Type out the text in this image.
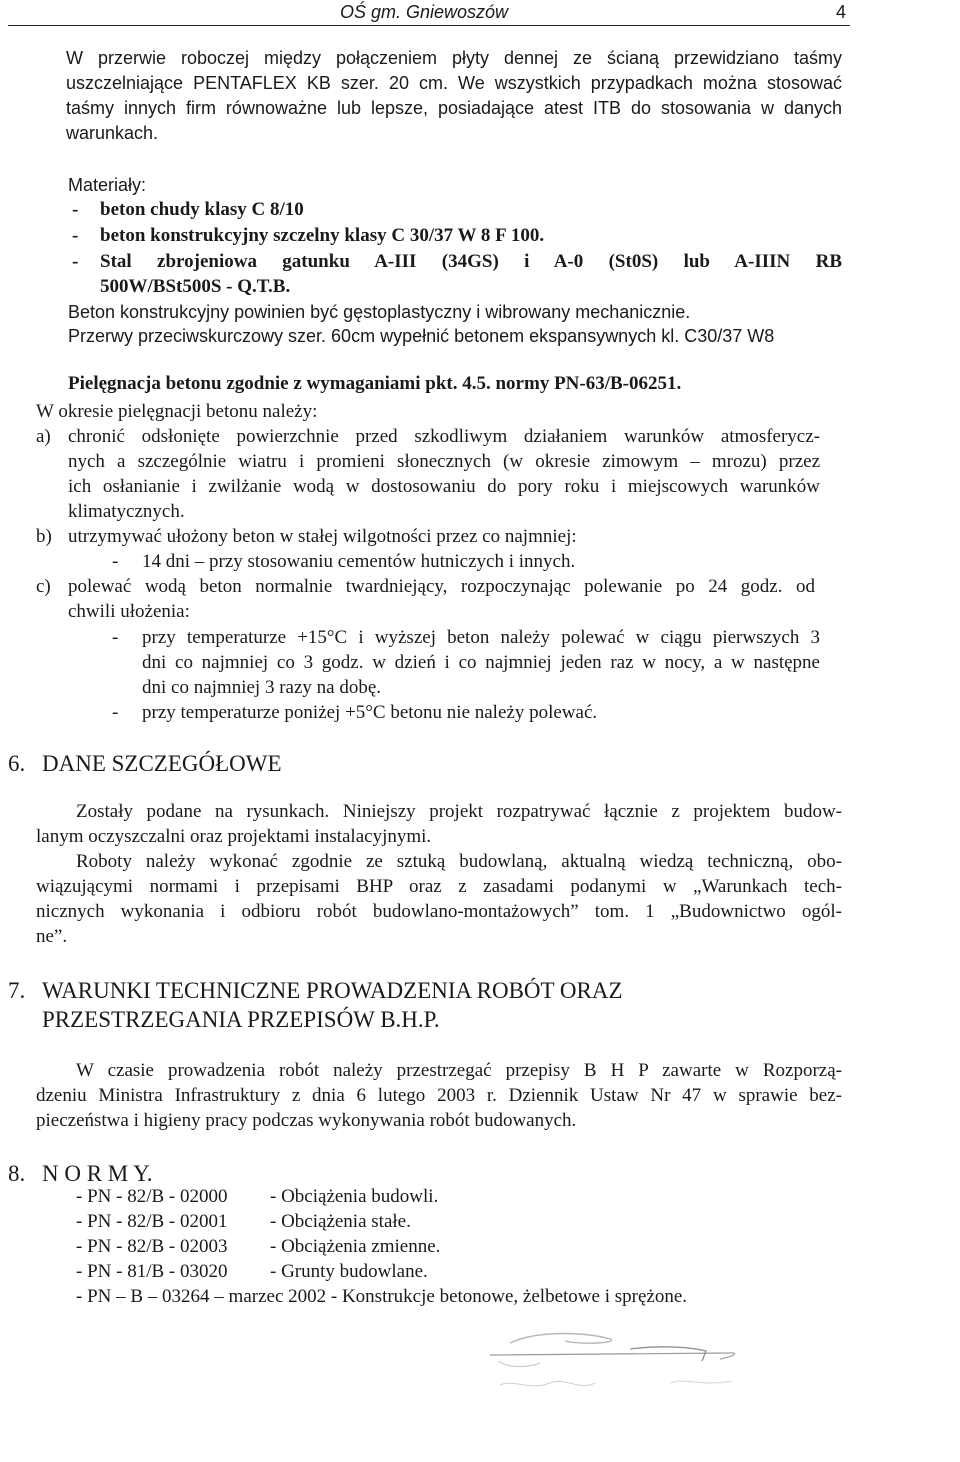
OŚ gm. Gniewoszów	4
W przerwie roboczej między połączeniem płyty dennej ze ścianą przewidziano taśmy
uszczelniające PENTAFLEX KB szer. 20 cm. We wszystkich przypadkach można stosować
taśmy innych firm równoważne lub lepsze, posiadające atest ITB do stosowania w danych
warunkach.
Materiały:
- beton chudy klasy C 8/10
- beton konstrukcyjny szczelny klasy C 30/37 W 8 F 100.
- Stal zbrojeniowa gatunku A-III (34GS) i A-0 (St0S) lub A-IIIN RB
500W/BSt500S - Q.T.B.
Beton konstrukcyjny powinien być gęstoplastyczny i wibrowany mechanicznie.
Przerwy przeciwskurczowy szer. 60cm wypełnić betonem ekspansywnych kl. C30/37 W8
Pielęgnacja betonu zgodnie z wymaganiami pkt. 4.5. normy PN-63/B-06251.
W okresie pielęgnacji betonu należy:
a) chronić odsłonięte powierzchnie przed szkodliwym działaniem warunków atmosferycz-
nych a szczególnie wiatru i promieni słonecznych (w okresie zimowym – mrozu) przez
ich osłanianie i zwilżanie wodą w dostosowaniu do pory roku i miejscowych warunków
klimatycznych.
b) utrzymywać ułożony beton w stałej wilgotności przez co najmniej:
- 14 dni – przy stosowaniu cementów hutniczych i innych.
c) polewać wodą beton normalnie twardniejący, rozpoczynając polewanie po 24 godz. od
chwili ułożenia:
- przy temperaturze +15°C i wyższej beton należy polewać w ciągu pierwszych 3
dni co najmniej co 3 godz. w dzień i co najmniej jeden raz w nocy, a w następne
dni co najmniej 3 razy na dobę.
- przy temperaturze poniżej +5°C betonu nie należy polewać.
6. DANE SZCZEGÓŁOWE
Zostały podane na rysunkach. Niniejszy projekt rozpatrywać łącznie z projektem budow-
lanym oczyszczalni oraz projektami instalacyjnymi.
Roboty należy wykonać zgodnie ze sztuką budowlaną, aktualną wiedzą techniczną, obo-
wiązującymi normami i przepisami BHP oraz z zasadami podanymi w „Warunkach tech-
nicznych wykonania i odbioru robót budowlano-montażowych” tom. 1 „Budownictwo ogól-
ne”.
7. WARUNKI TECHNICZNE PROWADZENIA ROBÓT ORAZ
PRZESTRZEGANIA PRZEPISÓW B.H.P.
W czasie prowadzenia robót należy przestrzegać przepisy B H P zawarte w Rozporzą-
dzeniu Ministra Infrastruktury z dnia 6 lutego 2003 r. Dziennik Ustaw Nr 47 w sprawie bez-
pieczeństwa i higieny pracy podczas wykonywania robót budowanych.
8. N O R M Y.
- PN - 82/B - 02000 - Obciążenia budowli.
- PN - 82/B - 02001 - Obciążenia stałe.
- PN - 82/B - 02003 - Obciążenia zmienne.
- PN - 81/B - 03020 - Grunty budowlane.
- PN – B – 03264 – marzec 2002 - Konstrukcje betonowe, żelbetowe i sprężone.
